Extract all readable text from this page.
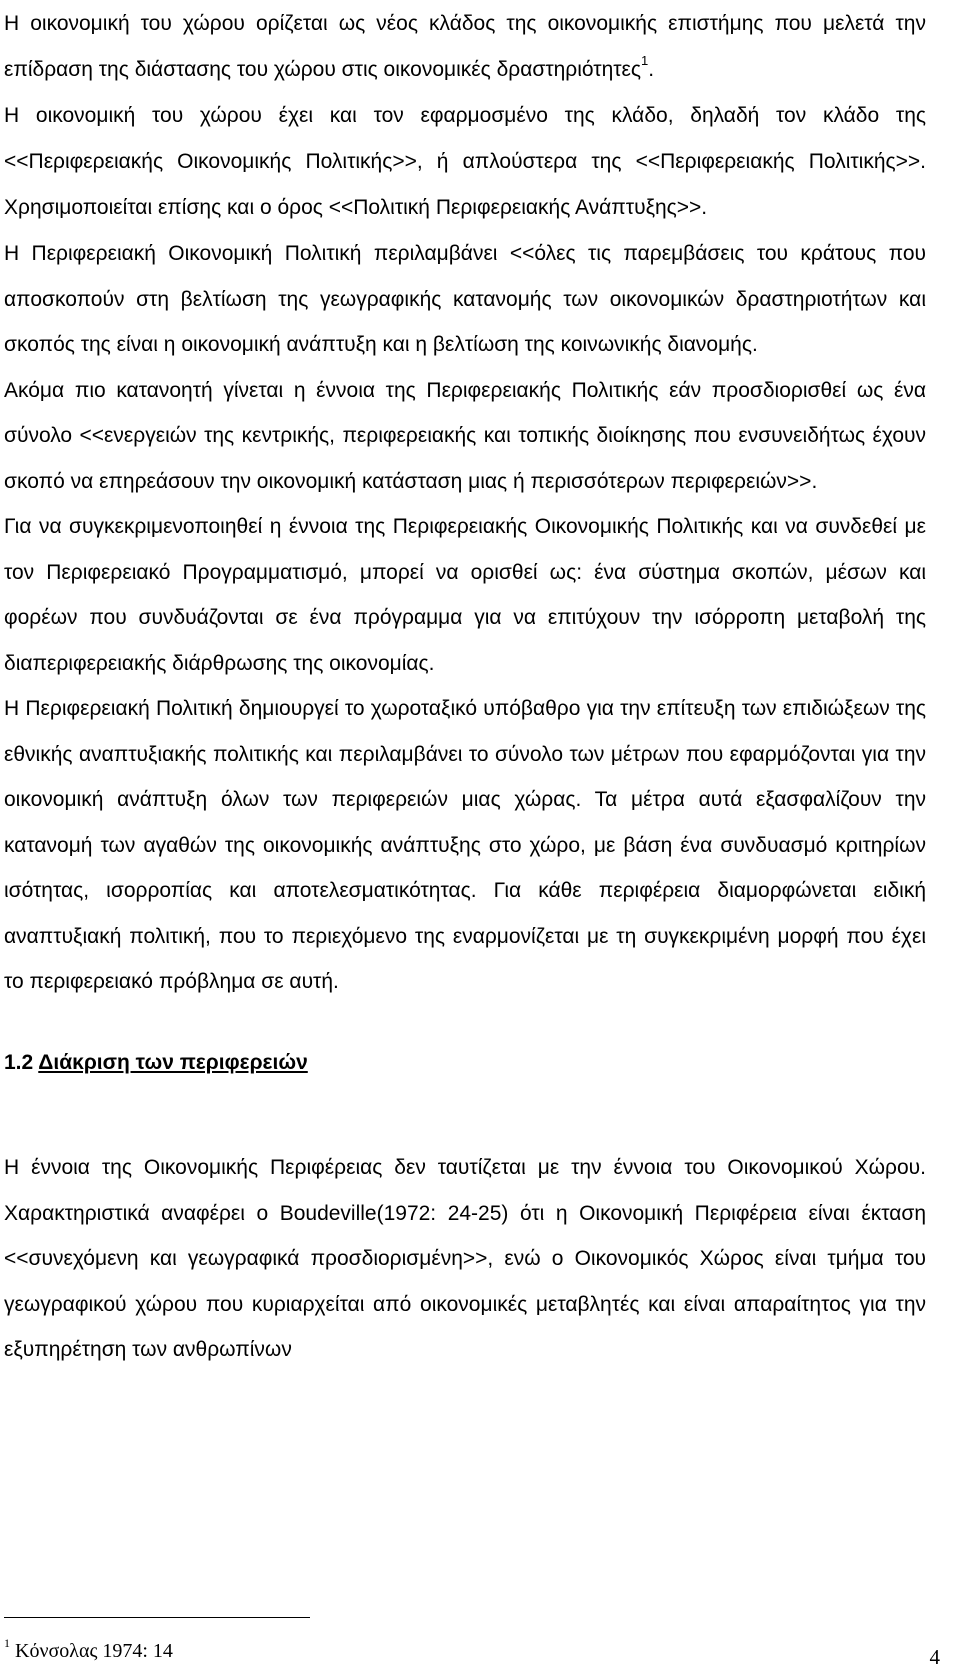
Η οικονομική του χώρου ορίζεται ως νέος κλάδος της οικονομικής επιστήμης που μελετά την επίδραση της διάστασης του χώρου στις οικονομικές δραστηριότητες$^1$.

Η οικονομική του χώρου έχει και τον εφαρμοσμένο της κλάδο, δηλαδή τον κλάδο της <<Περιφερειακής Οικονομικής Πολιτικής>>, ή απλούστερα της <<Περιφερειακής Πολιτικής>>. Χρησιμοποιείται επίσης και ο όρος <<Πολιτική Περιφερειακής Ανάπτυξης>>.

Η Περιφερειακή Οικονομική Πολιτική περιλαμβάνει <<όλες τις παρεμβάσεις του κράτους που αποσκοπούν στη βελτίωση της γεωγραφικής κατανομής των οικονομικών δραστηριοτήτων και σκοπός της είναι η οικονομική ανάπτυξη και η βελτίωση της κοινωνικής διανομής.

Ακόμα πιο κατανοητή γίνεται η έννοια της Περιφερειακής Πολιτικής εάν προσδιορισθεί ως ένα σύνολο <<ενεργειών της κεντρικής, περιφερειακής και τοπικής διοίκησης που ενσυνειδήτως έχουν σκοπό να επηρεάσουν την οικονομική κατάσταση μιας ή περισσότερων περιφερειών>>.

Για να συγκεκριμενοποιηθεί η έννοια της Περιφερειακής Οικονομικής Πολιτικής και να συνδεθεί με τον Περιφερειακό Προγραμματισμό, μπορεί να ορισθεί ως: ένα σύστημα σκοπών, μέσων και φορέων που συνδυάζονται σε ένα πρόγραμμα για να επιτύχουν την ισόρροπη μεταβολή της διαπεριφερειακής διάρθρωσης της οικονομίας.

Η Περιφερειακή Πολιτική δημιουργεί το χωροταξικό υπόβαθρο για την επίτευξη των επιδιώξεων της εθνικής αναπτυξιακής πολιτικής και περιλαμβάνει το σύνολο των μέτρων που εφαρμόζονται για την οικονομική ανάπτυξη όλων των περιφερειών μιας χώρας. Τα μέτρα αυτά εξασφαλίζουν την κατανομή των αγαθών της οικονομικής ανάπτυξης στο χώρο, με βάση ένα συνδυασμό κριτηρίων ισότητας, ισορροπίας και αποτελεσματικότητας. Για κάθε περιφέρεια διαμορφώνεται ειδική αναπτυξιακή πολιτική, που το περιεχόμενο της εναρμονίζεται με τη συγκεκριμένη μορφή που έχει το περιφερειακό πρόβλημα σε αυτή.

1.2 Διάκριση των περιφερειών

Η έννοια της Οικονομικής Περιφέρειας δεν ταυτίζεται με την έννοια του Οικονομικού Χώρου. Χαρακτηριστικά αναφέρει ο Boudeville(1972: 24-25) ότι η Οικονομική Περιφέρεια είναι έκταση <<συνεχόμενη και γεωγραφικά προσδιορισμένη>>, ενώ ο Οικονομικός Χώρος είναι τμήμα του γεωγραφικού χώρου που κυριαρχείται από οικονομικές μεταβλητές και είναι απαραίτητος για την εξυπηρέτηση των ανθρωπίνων

$^1$ Κόνσολας 1974: 14	4
